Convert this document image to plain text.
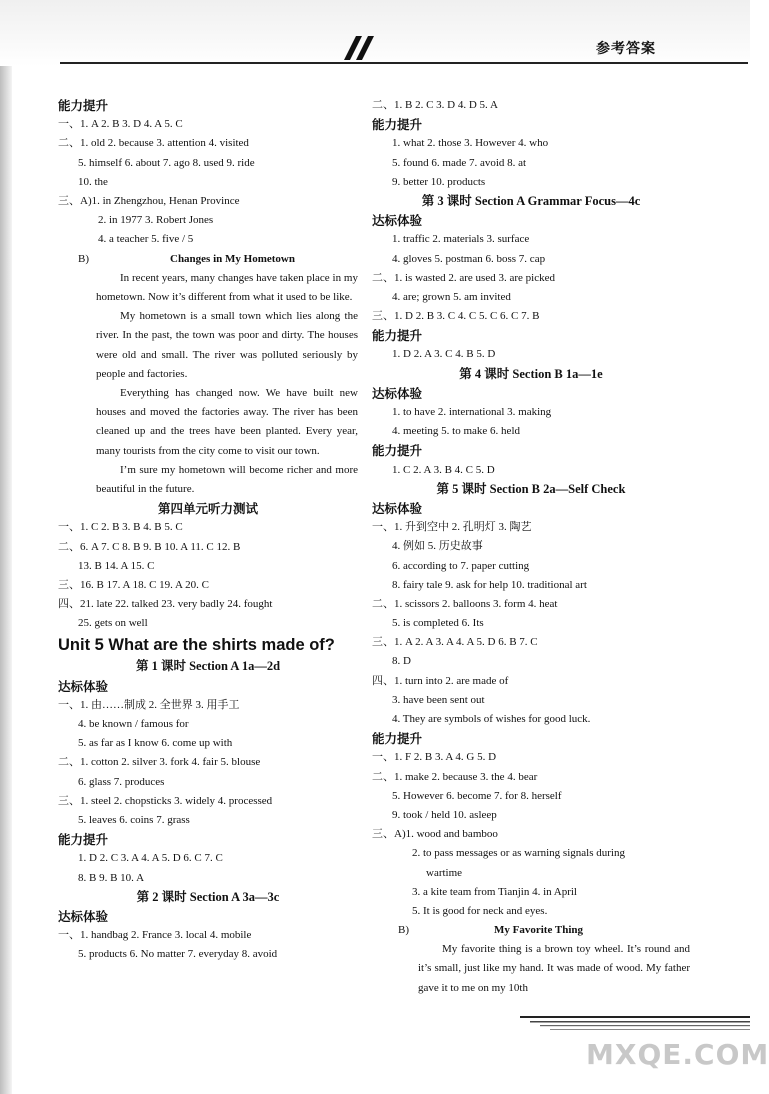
参考答案
能力提升
一、1. A 2. B 3. D 4. A 5. C
二、1. old 2. because 3. attention 4. visited
5. himself 6. about 7. ago 8. used 9. ride
10. the
三、A)1. in Zhengzhou, Henan Province
2. in 1977 3. Robert Jones
4. a teacher 5. five / 5
B)	Changes in My Hometown

In recent years, many changes have taken place in my hometown. Now it’s different from what it used to be like.

My hometown is a small town which lies along the river. In the past, the town was poor and dirty. The houses were old and small. The river was polluted seriously by people and factories.

Everything has changed now. We have built new houses and moved the factories away. The river has been cleaned up and the trees have been planted. Every year, many tourists from the city come to visit our town.

I’m sure my hometown will become richer and more beautiful in the future.

第四单元听力测试
一、1. C 2. B 3. B 4. B 5. C
二、6. A 7. C 8. B 9. B 10. A 11. C 12. B
13. B 14. A 15. C
三、16. B 17. A 18. C 19. A 20. C
四、21. late 22. talked 23. very badly 24. fought
25. gets on well
Unit 5 What are the shirts made of?
第 1 课时 Section A 1a—2d
达标体验
一、1. 由……制成 2. 全世界 3. 用手工
4. be known / famous for
5. as far as I know 6. come up with
二、1. cotton 2. silver 3. fork 4. fair 5. blouse
6. glass 7. produces
三、1. steel 2. chopsticks 3. widely 4. processed
5. leaves 6. coins 7. grass
能力提升
1. D 2. C 3. A 4. A 5. D 6. C 7. C
8. B 9. B 10. A
第 2 课时 Section A 3a—3c
达标体验
一、1. handbag 2. France 3. local 4. mobile
5. products 6. No matter 7. everyday 8. avoid
二、1. B 2. C 3. D 4. D 5. A
能力提升
1. what 2. those 3. However 4. who
5. found 6. made 7. avoid 8. at
9. better 10. products
第 3 课时 Section A Grammar Focus—4c
达标体验
1. traffic 2. materials 3. surface
4. gloves 5. postman 6. boss 7. cap
二、1. is wasted 2. are used 3. are picked
4. are; grown 5. am invited
三、1. D 2. B 3. C 4. C 5. C 6. C 7. B
能力提升
1. D 2. A 3. C 4. B 5. D
第 4 课时 Section B 1a—1e
达标体验
1. to have 2. international 3. making
4. meeting 5. to make 6. held
能力提升
1. C 2. A 3. B 4. C 5. D
第 5 课时 Section B 2a—Self Check
达标体验
一、1. 升到空中 2. 孔明灯 3. 陶艺
4. 例如 5. 历史故事
6. according to 7. paper cutting
8. fairy tale 9. ask for help 10. traditional art
二、1. scissors 2. balloons 3. form 4. heat
5. is completed 6. Its
三、1. A 2. A 3. A 4. A 5. D 6. B 7. C
8. D
四、1. turn into 2. are made of
3. have been sent out
4. They are symbols of wishes for good luck.
能力提升
一、1. F 2. B 3. A 4. G 5. D
二、1. make 2. because 3. the 4. bear
5. However 6. become 7. for 8. herself
9. took / held 10. asleep
三、A)1. wood and bamboo
2. to pass messages or as warning signals during
wartime
3. a kite team from Tianjin 4. in April
5. It is good for neck and eyes.
B)	My Favorite Thing

My favorite thing is a brown toy wheel. It’s round and it’s small, just like my hand. It was made of wood. My father gave it to me on my 10th

MXQE.COM
